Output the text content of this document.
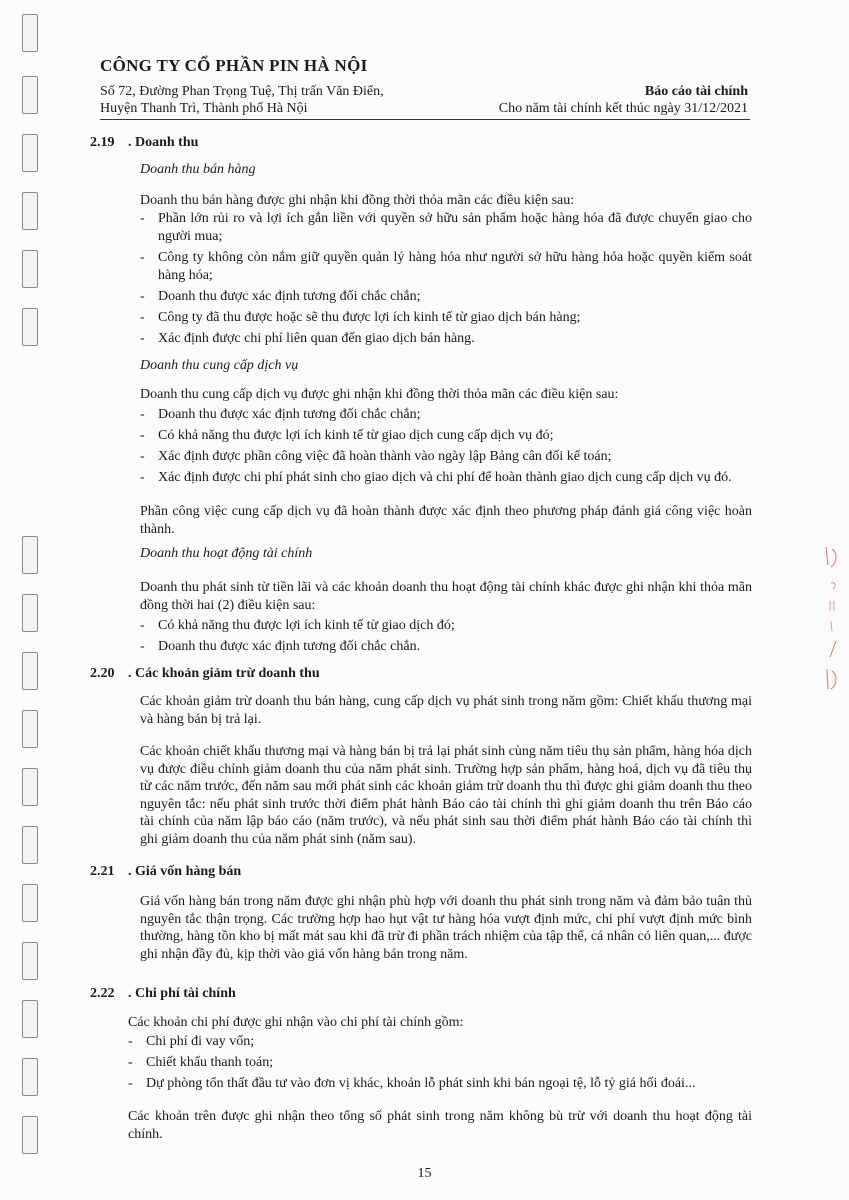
CÔNG TY CỔ PHẦN PIN HÀ NỘI
Số 72, Đường Phan Trọng Tuệ, Thị trấn Văn Điển,
Huyện Thanh Trì, Thành phố Hà Nội
Báo cáo tài chính
Cho năm tài chính kết thúc ngày 31/12/2021
2.19 . Doanh thu
Doanh thu bán hàng
Doanh thu bán hàng được ghi nhận khi đồng thời thỏa mãn các điều kiện sau:
- Phần lớn rủi ro và lợi ích gắn liền với quyền sở hữu sản phẩm hoặc hàng hóa đã được chuyển giao cho người mua;
- Công ty không còn nắm giữ quyền quản lý hàng hóa như người sở hữu hàng hóa hoặc quyền kiểm soát hàng hóa;
- Doanh thu được xác định tương đối chắc chắn;
- Công ty đã thu được hoặc sẽ thu được lợi ích kinh tế từ giao dịch bán hàng;
- Xác định được chi phí liên quan đến giao dịch bán hàng.
Doanh thu cung cấp dịch vụ
Doanh thu cung cấp dịch vụ được ghi nhận khi đồng thời thỏa mãn các điều kiện sau:
- Doanh thu được xác định tương đối chắc chắn;
- Có khả năng thu được lợi ích kinh tế từ giao dịch cung cấp dịch vụ đó;
- Xác định được phần công việc đã hoàn thành vào ngày lập Bảng cân đối kế toán;
- Xác định được chi phí phát sinh cho giao dịch và chi phí để hoàn thành giao dịch cung cấp dịch vụ đó.
Phần công việc cung cấp dịch vụ đã hoàn thành được xác định theo phương pháp đánh giá công việc hoàn thành.
Doanh thu hoạt động tài chính
Doanh thu phát sinh từ tiền lãi và các khoản doanh thu hoạt động tài chính khác được ghi nhận khi thỏa mãn đồng thời hai (2) điều kiện sau:
- Có khả năng thu được lợi ích kinh tế từ giao dịch đó;
- Doanh thu được xác định tương đối chắc chắn.
2.20 . Các khoản giảm trừ doanh thu
Các khoản giảm trừ doanh thu bán hàng, cung cấp dịch vụ phát sinh trong năm gồm: Chiết khấu thương mại và hàng bán bị trả lại.
Các khoản chiết khấu thương mại và hàng bán bị trả lại phát sinh cùng năm tiêu thụ sản phẩm, hàng hóa dịch vụ được điều chỉnh giảm doanh thu của năm phát sinh. Trường hợp sản phẩm, hàng hoá, dịch vụ đã tiêu thụ từ các năm trước, đến năm sau mới phát sinh các khoản giảm trừ doanh thu thì được ghi giảm doanh thu theo nguyên tắc: nếu phát sinh trước thời điểm phát hành Báo cáo tài chính thì ghi giảm doanh thu trên Báo cáo tài chính của năm lập báo cáo (năm trước), và nếu phát sinh sau thời điểm phát hành Báo cáo tài chính thì ghi giảm doanh thu của năm phát sinh (năm sau).
2.21 . Giá vốn hàng bán
Giá vốn hàng bán trong năm được ghi nhận phù hợp với doanh thu phát sinh trong năm và đảm bảo tuân thủ nguyên tắc thận trọng. Các trường hợp hao hụt vật tư hàng hóa vượt định mức, chi phí vượt định mức bình thường, hàng tồn kho bị mất mát sau khi đã trừ đi phần trách nhiệm của tập thể, cá nhân có liên quan,... được ghi nhận đầy đủ, kịp thời vào giá vốn hàng bán trong năm.
2.22 . Chi phí tài chính
Các khoản chi phí được ghi nhận vào chi phí tài chính gồm:
- Chi phí đi vay vốn;
- Chiết khấu thanh toán;
- Dự phòng tổn thất đầu tư vào đơn vị khác, khoản lỗ phát sinh khi bán ngoại tệ, lỗ tỷ giá hối đoái...
Các khoản trên được ghi nhận theo tổng số phát sinh trong năm không bù trừ với doanh thu hoạt động tài chính.
15
